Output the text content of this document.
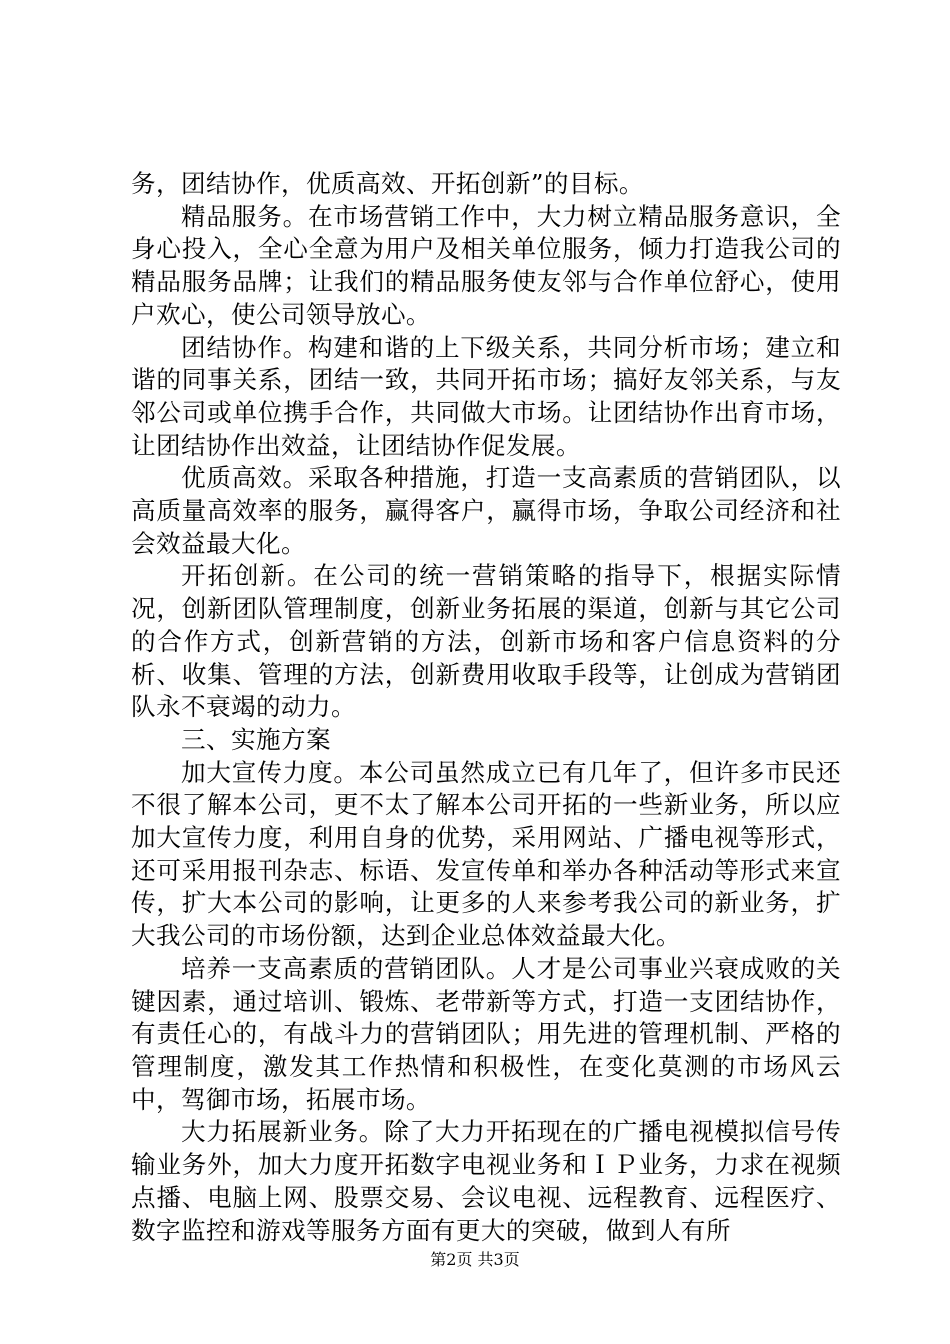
务，团结协作，优质高效、开拓创新”的目标。

精品服务。在市场营销工作中，大力树立精品服务意识，全身心投入，全心全意为用户及相关单位服务，倾力打造我公司的精品服务品牌；让我们的精品服务使友邻与合作单位舒心，使用户欢心，使公司领导放心。

团结协作。构建和谐的上下级关系，共同分析市场；建立和谐的同事关系，团结一致，共同开拓市场；搞好友邻关系，与友邻公司或单位携手合作，共同做大市场。让团结协作出育市场，让团结协作出效益，让团结协作促发展。

优质高效。采取各种措施，打造一支高素质的营销团队，以高质量高效率的服务，赢得客户，赢得市场，争取公司经济和社会效益最大化。

开拓创新。在公司的统一营销策略的指导下，根据实际情况，创新团队管理制度，创新业务拓展的渠道，创新与其它公司的合作方式，创新营销的方法，创新市场和客户信息资料的分析、收集、管理的方法，创新费用收取手段等，让创成为营销团队永不衰竭的动力。

三、实施方案

加大宣传力度。本公司虽然成立已有几年了，但许多市民还不很了解本公司，更不太了解本公司开拓的一些新业务，所以应加大宣传力度，利用自身的优势，采用网站、广播电视等形式，还可采用报刊杂志、标语、发宣传单和举办各种活动等形式来宣传，扩大本公司的影响，让更多的人来参考我公司的新业务，扩大我公司的市场份额，达到企业总体效益最大化。

培养一支高素质的营销团队。人才是公司事业兴衰成败的关键因素，通过培训、锻炼、老带新等方式，打造一支团结协作，有责任心的，有战斗力的营销团队；用先进的管理机制、严格的管理制度，激发其工作热情和积极性，在变化莫测的市场风云中，驾御市场，拓展市场。

大力拓展新业务。除了大力开拓现在的广播电视模拟信号传输业务外，加大力度开拓数字电视业务和ＩＰ业务，力求在视频点播、电脑上网、股票交易、会议电视、远程教育、远程医疗、数字监控和游戏等服务方面有更大的突破，做到人有所

第2页 共3页
